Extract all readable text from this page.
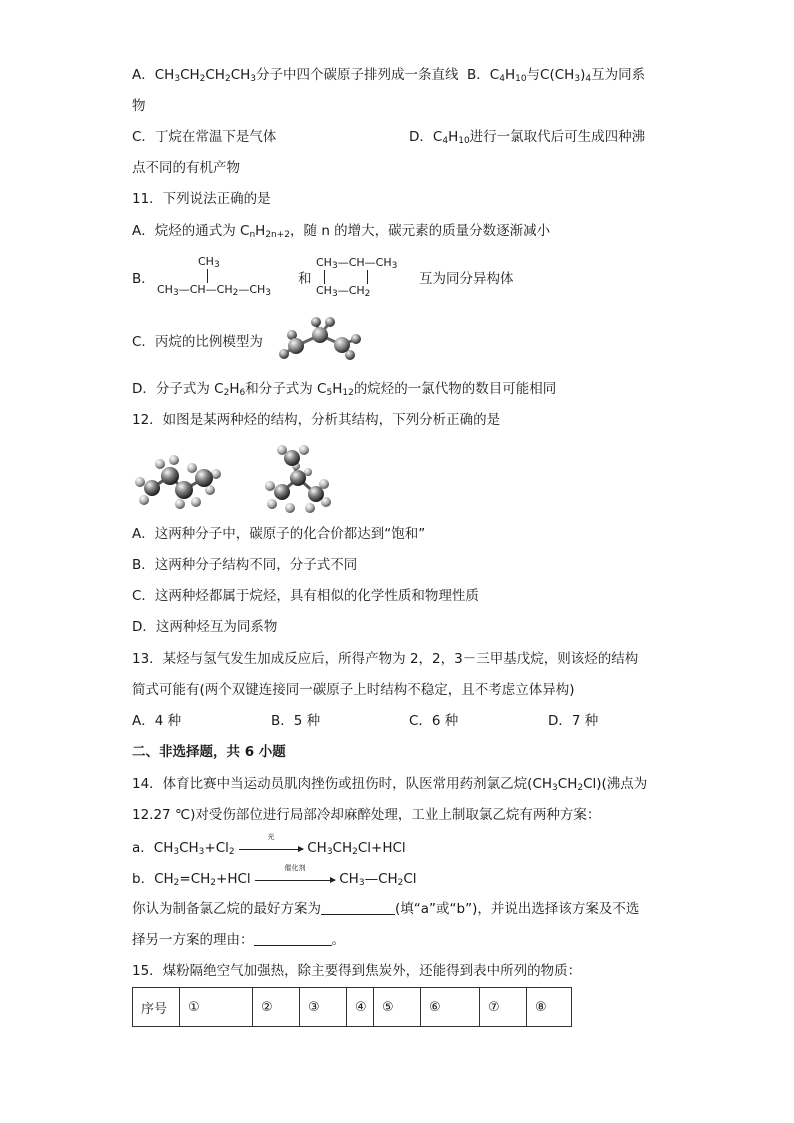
A．$CH_3CH_2CH_2CH_3$分子中四个碳原子排列成一条直线 B．$C_4H_{10}$与$C(CH_3)_4$互为同系
物
C．丁烷在常温下是气体	D．$C_4H_{10}$进行一氯取代后可生成四种沸
点不同的有机产物
11．下列说法正确的是
A．烷烃的通式为 $C_nH_{2n+2}$，随 n 的增大，碳元素的质量分数逐渐减小
B．
$CH_3$
$CH_3—CH—CH_2—CH_3$
和
$CH_3—CH—CH_3$
$CH_3—CH_2$
互为同分异构体
C．丙烷的比例模型为
D．分子式为 $C_2H_6$和分子式为 $C_5H_{12}$的烷烃的一氯代物的数目可能相同
12．如图是某两种烃的结构，分析其结构，下列分析正确的是
A．这两种分子中，碳原子的化合价都达到“饱和”
B．这两种分子结构不同，分子式不同
C．这两种烃都属于烷烃，具有相似的化学性质和物理性质
D．这两种烃互为同系物
13．某烃与氢气发生加成反应后，所得产物为 2，2，3－三甲基戊烷，则该烃的结构
简式可能有(两个双键连接同一碳原子上时结构不稳定，且不考虑立体异构)
A．4 种	B．5 种	C．6 种	D．7 种
二、非选择题，共 6 小题
14．体育比赛中当运动员肌肉挫伤或扭伤时，队医常用药剂氯乙烷$(CH_3CH_2Cl)$(沸点为
12.27 ℃)对受伤部位进行局部冷却麻醉处理，工业上制取氯乙烷有两种方案：
a．$CH_3CH_3+Cl_2$
光
$CH_3CH_2Cl+HCl$
b．$CH_2=CH_2+HCl$
催化剂
$CH_3—CH_2Cl$
你认为制备氯乙烷的最好方案为	(填“a”或“b”)，并说出选择该方案及不选
择另一方案的理由：	。
15．煤粉隔绝空气加强热，除主要得到焦炭外，还能得到表中所列的物质：
序号	①	②	③	④	⑤	⑥	⑦	⑧
